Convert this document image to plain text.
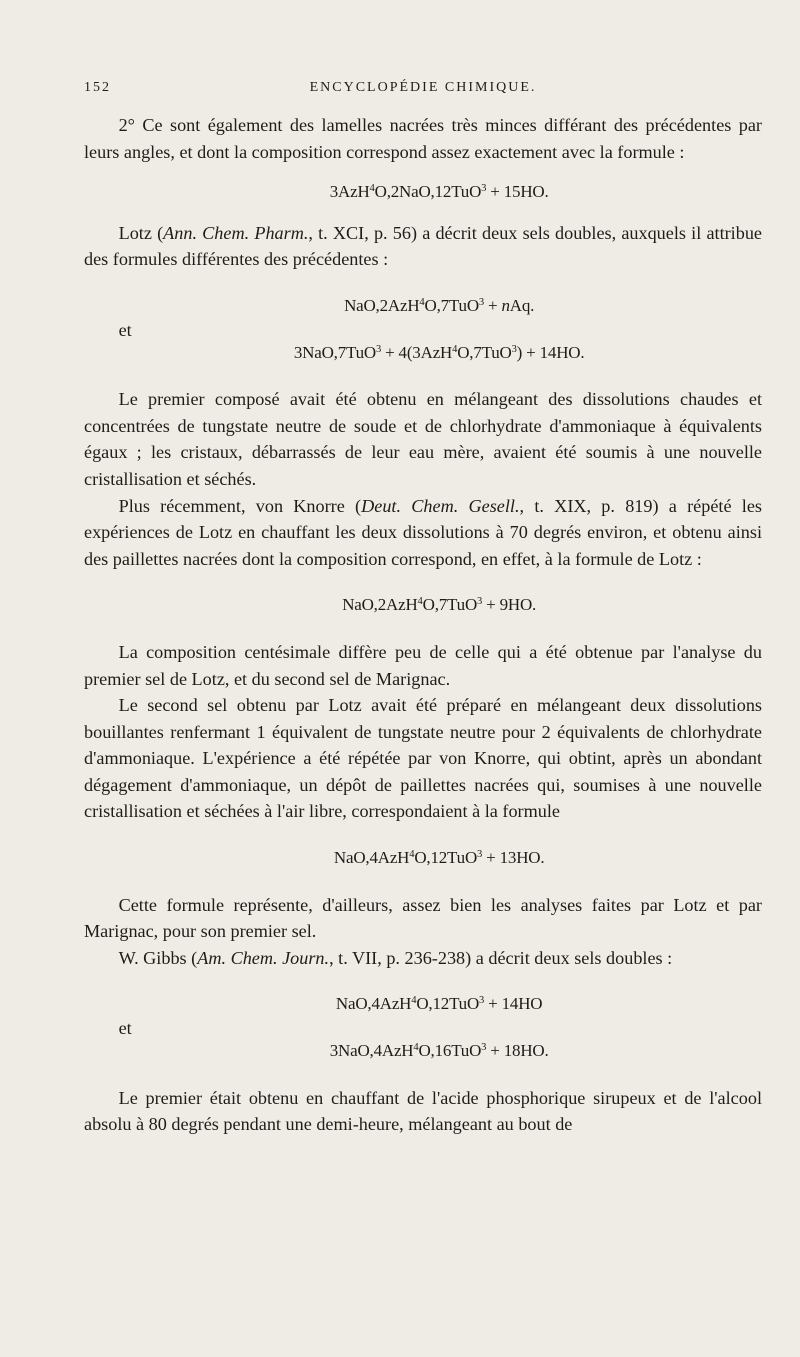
152	ENCYCLOPÉDIE CHIMIQUE.

2° Ce sont également des lamelles nacrées très minces différant des précédentes par leurs angles, et dont la composition correspond assez exactement avec la formule :

3AzH$^4$O,2NaO,12TuO$^3$ + 15HO.

Lotz (Ann. Chem. Pharm., t. XCI, p. 56) a décrit deux sels doubles, auxquels il attribue des formules différentes des précédentes :

NaO,2AzH$^4$O,7TuO$^3$ + nAq.

et

3NaO,7TuO$^3$ + 4(3AzH$^4$O,7TuO$^3$) + 14HO.

Le premier composé avait été obtenu en mélangeant des dissolutions chaudes et concentrées de tungstate neutre de soude et de chlorhydrate d'ammoniaque à équivalents égaux ; les cristaux, débarrassés de leur eau mère, avaient été soumis à une nouvelle cristallisation et séchés.

Plus récemment, von Knorre (Deut. Chem. Gesell., t. XIX, p. 819) a répété les expériences de Lotz en chauffant les deux dissolutions à 70 degrés environ, et obtenu ainsi des paillettes nacrées dont la composition correspond, en effet, à la formule de Lotz :

NaO,2AzH$^4$O,7TuO$^3$ + 9HO.

La composition centésimale diffère peu de celle qui a été obtenue par l'analyse du premier sel de Lotz, et du second sel de Marignac.

Le second sel obtenu par Lotz avait été préparé en mélangeant deux dissolutions bouillantes renfermant 1 équivalent de tungstate neutre pour 2 équivalents de chlorhydrate d'ammoniaque. L'expérience a été répétée par von Knorre, qui obtint, après un abondant dégagement d'ammoniaque, un dépôt de paillettes nacrées qui, soumises à une nouvelle cristallisation et séchées à l'air libre, correspondaient à la formule

NaO,4AzH$^4$O,12TuO$^3$ + 13HO.

Cette formule représente, d'ailleurs, assez bien les analyses faites par Lotz et par Marignac, pour son premier sel.

W. Gibbs (Am. Chem. Journ., t. VII, p. 236-238) a décrit deux sels doubles :

NaO,4AzH$^4$O,12TuO$^3$ + 14HO

et

3NaO,4AzH$^4$O,16TuO$^3$ + 18HO.

Le premier était obtenu en chauffant de l'acide phosphorique sirupeux et de l'alcool absolu à 80 degrés pendant une demi-heure, mélangeant au bout de
